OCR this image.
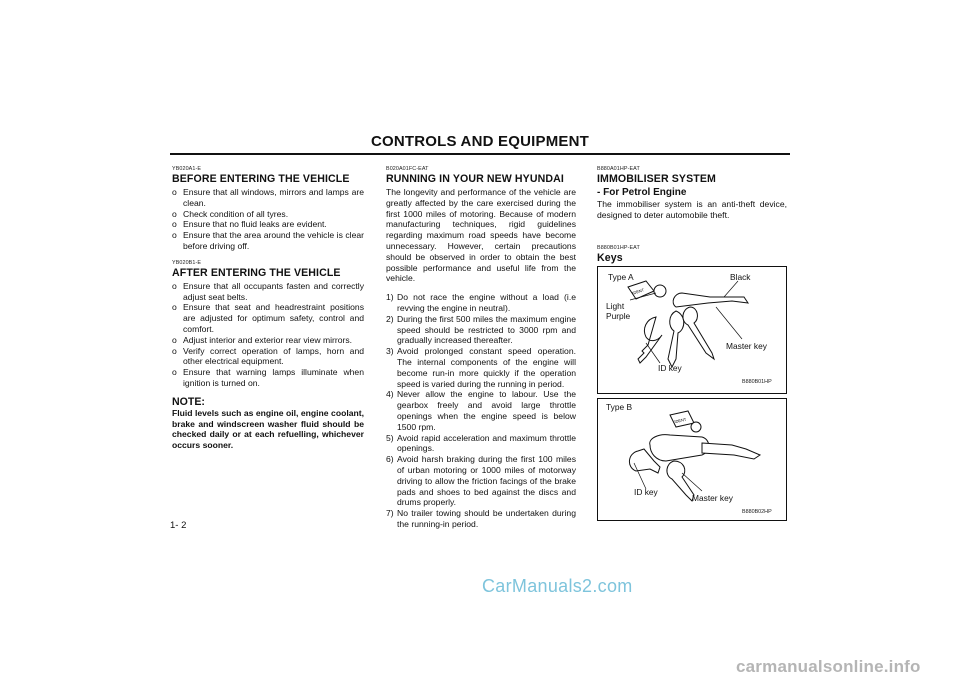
CONTROLS AND EQUIPMENT
YB020A1-E
BEFORE ENTERING THE VEHICLE
o Ensure that all windows, mirrors and lamps are clean.
o Check condition of all tyres.
o Ensure that no fluid leaks are evident.
o Ensure that the area around the vehicle is clear before driving off.
YB020B1-E
AFTER ENTERING THE VEHICLE
o Ensure that all occupants fasten and correctly adjust seat belts.
o Ensure that seat and headrestraint positions are adjusted for optimum safety, control and comfort.
o Adjust interior and exterior rear view mirrors.
o Verify correct operation of lamps, horn and other electrical equipment.
o Ensure that warning lamps illuminate when ignition is turned on.
NOTE:
Fluid levels such as engine oil, engine coolant, brake and windscreen washer fluid should be checked daily or at each refuelling, whichever occurs sooner.
B020A01FC-EAT
RUNNING IN YOUR NEW HYUNDAI
The longevity and performance of the vehicle are greatly affected by the care exercised during the first 1000 miles of motoring. Because of modern manufacturing techniques, rigid guidelines regarding maximum road speeds have become unnecessary. However, certain precautions should be observed in order to obtain the best possible performance and useful life from the vehicle.
1) Do not race the engine without a load (i.e revving the engine in neutral).
2) During the first 500 miles the maximum engine speed should be restricted to 3000 rpm and gradually increased thereafter.
3) Avoid prolonged constant speed operation. The internal components of the engine will become run-in more quickly if the operation speed is varied during the running in period.
4) Never allow the engine to labour. Use the gearbox freely and avoid large throttle openings when the engine speed is below 1500 rpm.
5) Avoid rapid acceleration and maximum throttle openings.
6) Avoid harsh braking during the first 100 miles of urban motoring or 1000 miles of motorway driving to allow the friction facings of the brake pads and shoes to bed against the discs and drums properly.
7) No trailer towing should be undertaken during the running-in period.
B880A01HP-EAT
IMMOBILISER SYSTEM
- For Petrol Engine
The immobiliser system is an anti-theft device, designed to deter automobile theft.
B880B01HP-EAT
Keys
IDENT
Type A	Black
Light
Purple
Master key
ID key
B880B01HP
IDENT
Type B
ID key
Master key
B880B02HP
1- 2
CarManuals2.com
carmanualsonline.info
